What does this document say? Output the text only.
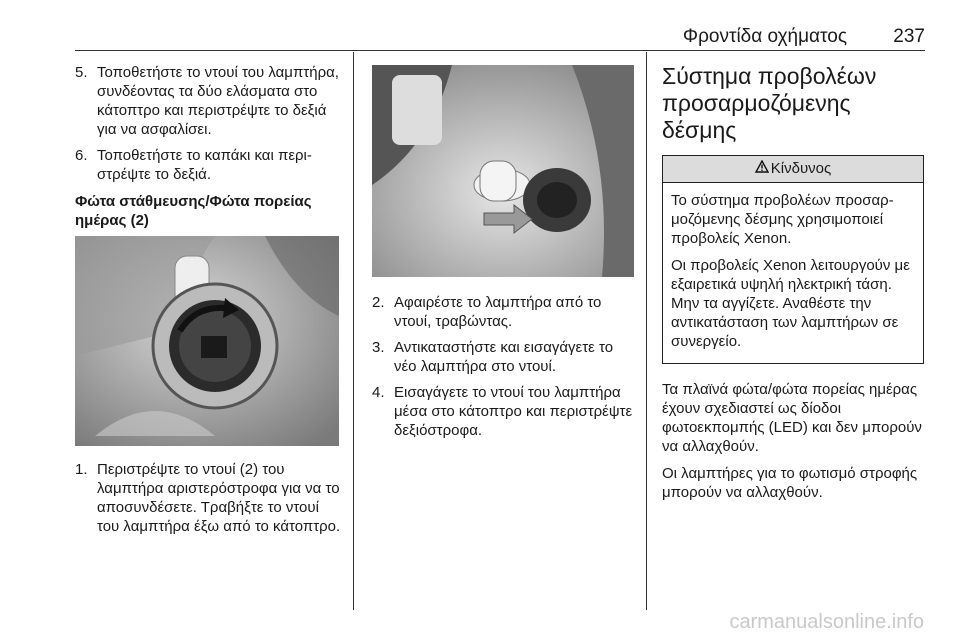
Φροντίδα οχήματος 237
5. Τοποθετήστε το ντουί του λαμπτήρα, συνδέοντας τα δύο ελάσματα στο κάτοπτρο και περιστρέψτε το δεξιά για να ασφαλίσει.
6. Τοποθετήστε το καπάκι και περιστρέψτε το δεξιά.
Φώτα στάθμευσης/Φώτα πορείας ημέρας (2)
1. Περιστρέψτε το ντουί (2) του λαμπτήρα αριστερόστροφα για να το αποσυνδέσετε. Τραβήξτε το ντουί του λαμπτήρα έξω από το κάτοπτρο.
2. Αφαιρέστε το λαμπτήρα από το ντουί, τραβώντας.
3. Αντικαταστήστε και εισαγάγετε το νέο λαμπτήρα στο ντουί.
4. Εισαγάγετε το ντουί του λαμπτήρα μέσα στο κάτοπτρο και περιστρέψτε δεξιόστροφα.
Σύστημα προβολέων προσαρμοζόμενης δέσμης
Κίνδυνος

Το σύστημα προβολέων προσαρμοζόμενης δέσμης χρησιμοποιεί προβολείς Xenon.

Οι προβολείς Xenon λειτουργούν με εξαιρετικά υψηλή ηλεκτρική τάση. Μην τα αγγίζετε. Αναθέστε την αντικατάσταση των λαμπτήρων σε συνεργείο.

Τα πλαϊνά φώτα/φώτα πορείας ημέρας έχουν σχεδιαστεί ως δίοδοι φωτοεκπομπής (LED) και δεν μπορούν να αλλαχθούν.

Οι λαμπτήρες για το φωτισμό στροφής μπορούν να αλλαχθούν.

carmanualsonline.info
